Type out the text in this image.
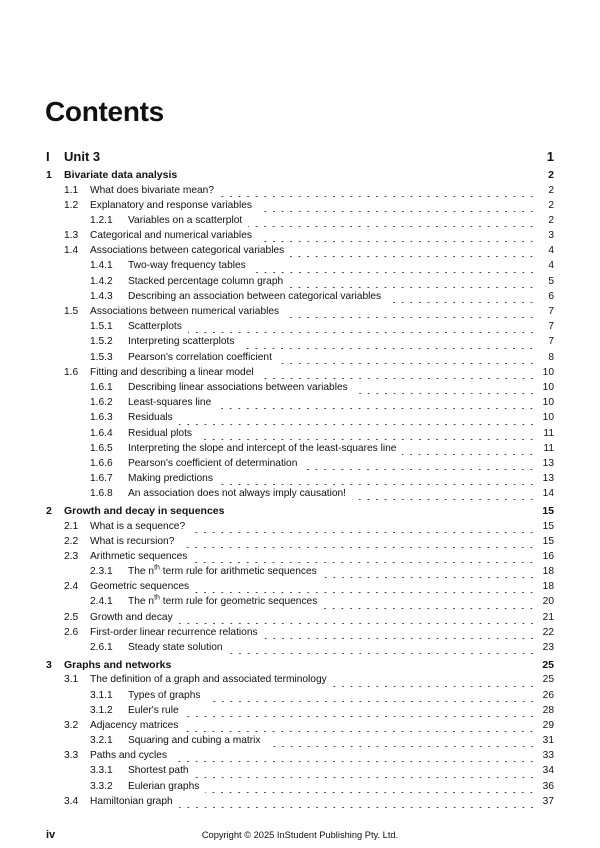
Contents
I	Unit 3	1
1	Bivariate data analysis	2
1.1	What does bivariate mean?	2
1.2	Explanatory and response variables	2
1.2.1	Variables on a scatterplot	2
1.3	Categorical and numerical variables	3
1.4	Associations between categorical variables	4
1.4.1	Two-way frequency tables	4
1.4.2	Stacked percentage column graph	5
1.4.3	Describing an association between categorical variables	6
1.5	Associations between numerical variables	7
1.5.1	Scatterplots	7
1.5.2	Interpreting scatterplots	7
1.5.3	Pearson's correlation coefficient	8
1.6	Fitting and describing a linear model	10
1.6.1	Describing linear associations between variables	10
1.6.2	Least-squares line	10
1.6.3	Residuals	10
1.6.4	Residual plots	11
1.6.5	Interpreting the slope and intercept of the least-squares line	11
1.6.6	Pearson's coefficient of determination	13
1.6.7	Making predictions	13
1.6.8	An association does not always imply causation!	14
2	Growth and decay in sequences	15
2.1	What is a sequence?	15
2.2	What is recursion?	15
2.3	Arithmetic sequences	16
2.3.1	The $n^{th}$ term rule for arithmetic sequences	18
2.4	Geometric sequences	18
2.4.1	The $n^{th}$ term rule for geometric sequences	20
2.5	Growth and decay	21
2.6	First-order linear recurrence relations	22
2.6.1	Steady state solution	23
3	Graphs and networks	25
3.1	The definition of a graph and associated terminology	25
3.1.1	Types of graphs	26
3.1.2	Euler's rule	28
3.2	Adjacency matrices	29
3.2.1	Squaring and cubing a matrix	31
3.3	Paths and cycles	33
3.3.1	Shortest path	34
3.3.2	Eulerian graphs	36
3.4	Hamiltonian graph	37
iv	Copyright © 2025 InStudent Publishing Pty. Ltd.
